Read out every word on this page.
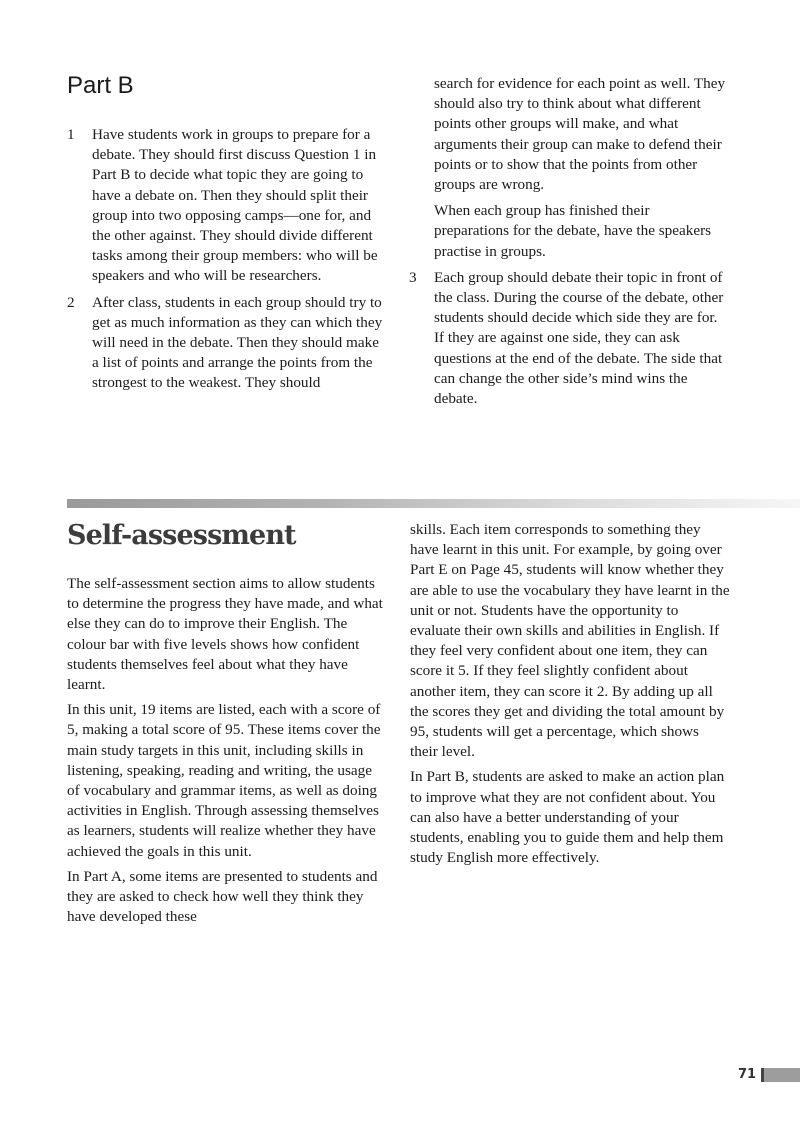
Part B
1 Have students work in groups to prepare for a debate. They should first discuss Question 1 in Part B to decide what topic they are going to have a debate on. Then they should split their group into two opposing camps—one for, and the other against. They should divide different tasks among their group members: who will be speakers and who will be researchers.

2 After class, students in each group should try to get as much information as they can which they will need in the debate. Then they should make a list of points and arrange the points from the strongest to the weakest. They should

search for evidence for each point as well. They should also try to think about what different points other groups will make, and what arguments their group can make to defend their points or to show that the points from other groups are wrong.

When each group has finished their preparations for the debate, have the speakers practise in groups.

3 Each group should debate their topic in front of the class. During the course of the debate, other students should decide which side they are for. If they are against one side, they can ask questions at the end of the debate. The side that can change the other side’s mind wins the debate.

Self-assessment

The self-assessment section aims to allow students to determine the progress they have made, and what else they can do to improve their English. The colour bar with five levels shows how confident students themselves feel about what they have learnt.

In this unit, 19 items are listed, each with a score of 5, making a total score of 95. These items cover the main study targets in this unit, including skills in listening, speaking, reading and writing, the usage of vocabulary and grammar items, as well as doing activities in English. Through assessing themselves as learners, students will realize whether they have achieved the goals in this unit.

In Part A, some items are presented to students and they are asked to check how well they think they have developed these

skills. Each item corresponds to something they have learnt in this unit. For example, by going over Part E on Page 45, students will know whether they are able to use the vocabulary they have learnt in the unit or not. Students have the opportunity to evaluate their own skills and abilities in English. If they feel very confident about one item, they can score it 5. If they feel slightly confident about another item, they can score it 2. By adding up all the scores they get and dividing the total amount by 95, students will get a percentage, which shows their level.

In Part B, students are asked to make an action plan to improve what they are not confident about. You can also have a better understanding of your students, enabling you to guide them and help them study English more effectively.

71
